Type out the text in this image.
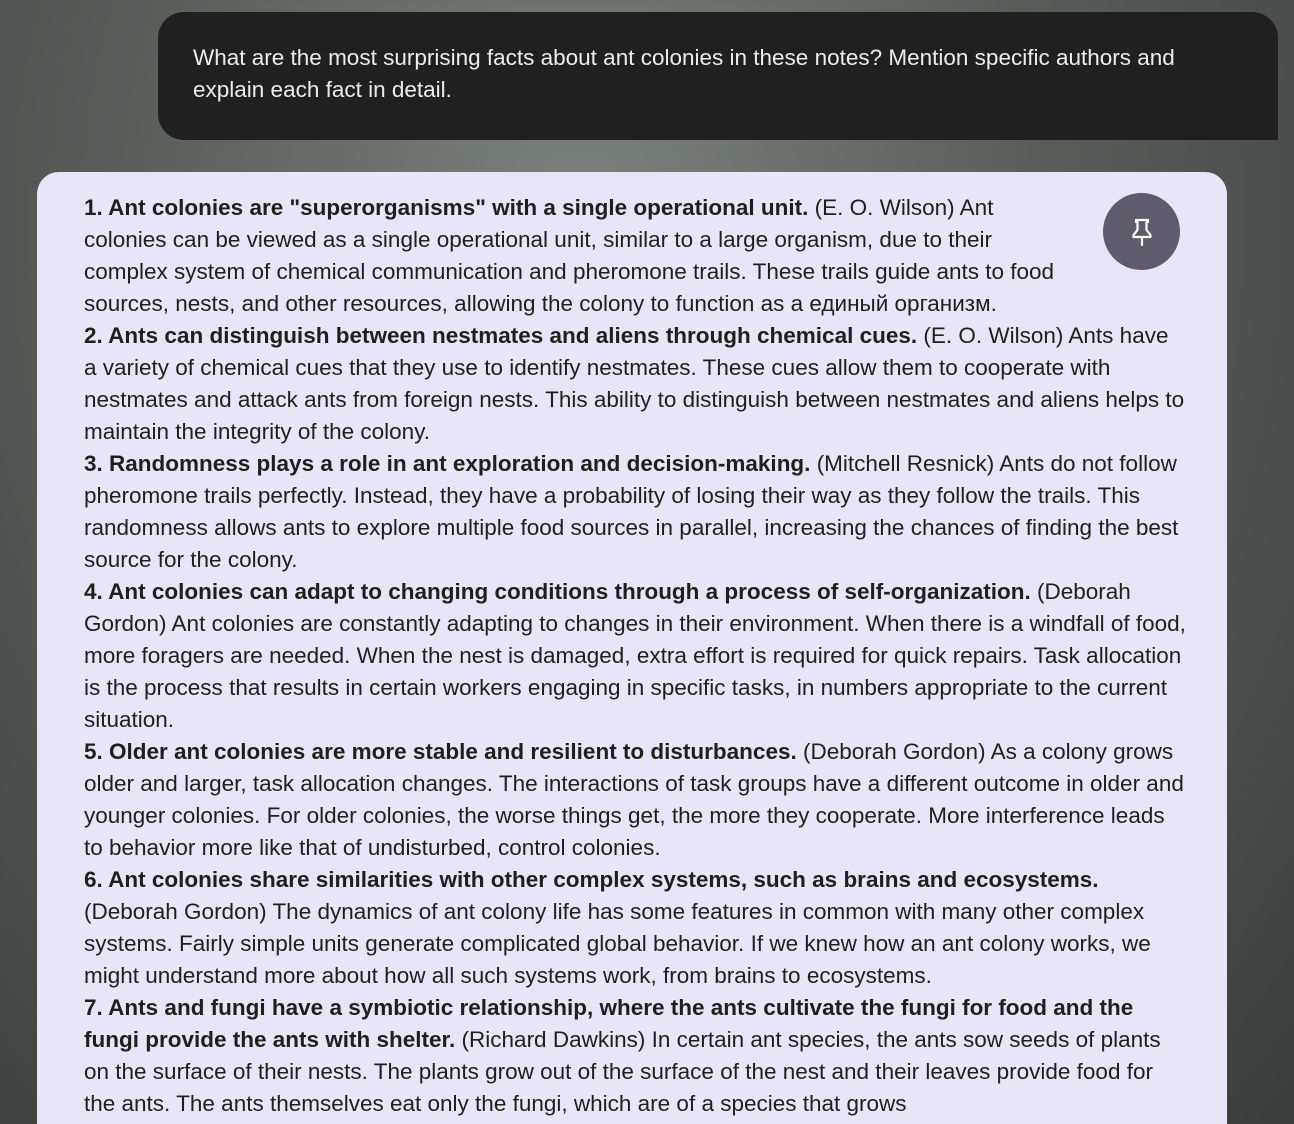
What are the most surprising facts about ant colonies in these notes? Mention specific authors and explain each fact in detail.

1. Ant colonies are "superorganisms" with a single operational unit. (E. O. Wilson) Ant colonies can be viewed as a single operational unit, similar to a large organism, due to their complex system of chemical communication and pheromone trails. These trails guide ants to food sources, nests, and other resources, allowing the colony to function as a единый организм.

2. Ants can distinguish between nestmates and aliens through chemical cues. (E. O. Wilson) Ants have a variety of chemical cues that they use to identify nestmates. These cues allow them to cooperate with nestmates and attack ants from foreign nests. This ability to distinguish between nestmates and aliens helps to maintain the integrity of the colony.

3. Randomness plays a role in ant exploration and decision-making. (Mitchell Resnick) Ants do not follow pheromone trails perfectly. Instead, they have a probability of losing their way as they follow the trails. This randomness allows ants to explore multiple food sources in parallel, increasing the chances of finding the best source for the colony.

4. Ant colonies can adapt to changing conditions through a process of self-organization. (Deborah Gordon) Ant colonies are constantly adapting to changes in their environment. When there is a windfall of food, more foragers are needed. When the nest is damaged, extra effort is required for quick repairs. Task allocation is the process that results in certain workers engaging in specific tasks, in numbers appropriate to the current situation.

5. Older ant colonies are more stable and resilient to disturbances. (Deborah Gordon) As a colony grows older and larger, task allocation changes. The interactions of task groups have a different outcome in older and younger colonies. For older colonies, the worse things get, the more they cooperate. More interference leads to behavior more like that of undisturbed, control colonies.

6. Ant colonies share similarities with other complex systems, such as brains and ecosystems. (Deborah Gordon) The dynamics of ant colony life has some features in common with many other complex systems. Fairly simple units generate complicated global behavior. If we knew how an ant colony works, we might understand more about how all such systems work, from brains to ecosystems.

7. Ants and fungi have a symbiotic relationship, where the ants cultivate the fungi for food and the fungi provide the ants with shelter. (Richard Dawkins) In certain ant species, the ants sow seeds of plants on the surface of their nests. The plants grow out of the surface of the nest and their leaves provide food for the ants. The ants themselves eat only the fungi, which are of a species that grows
